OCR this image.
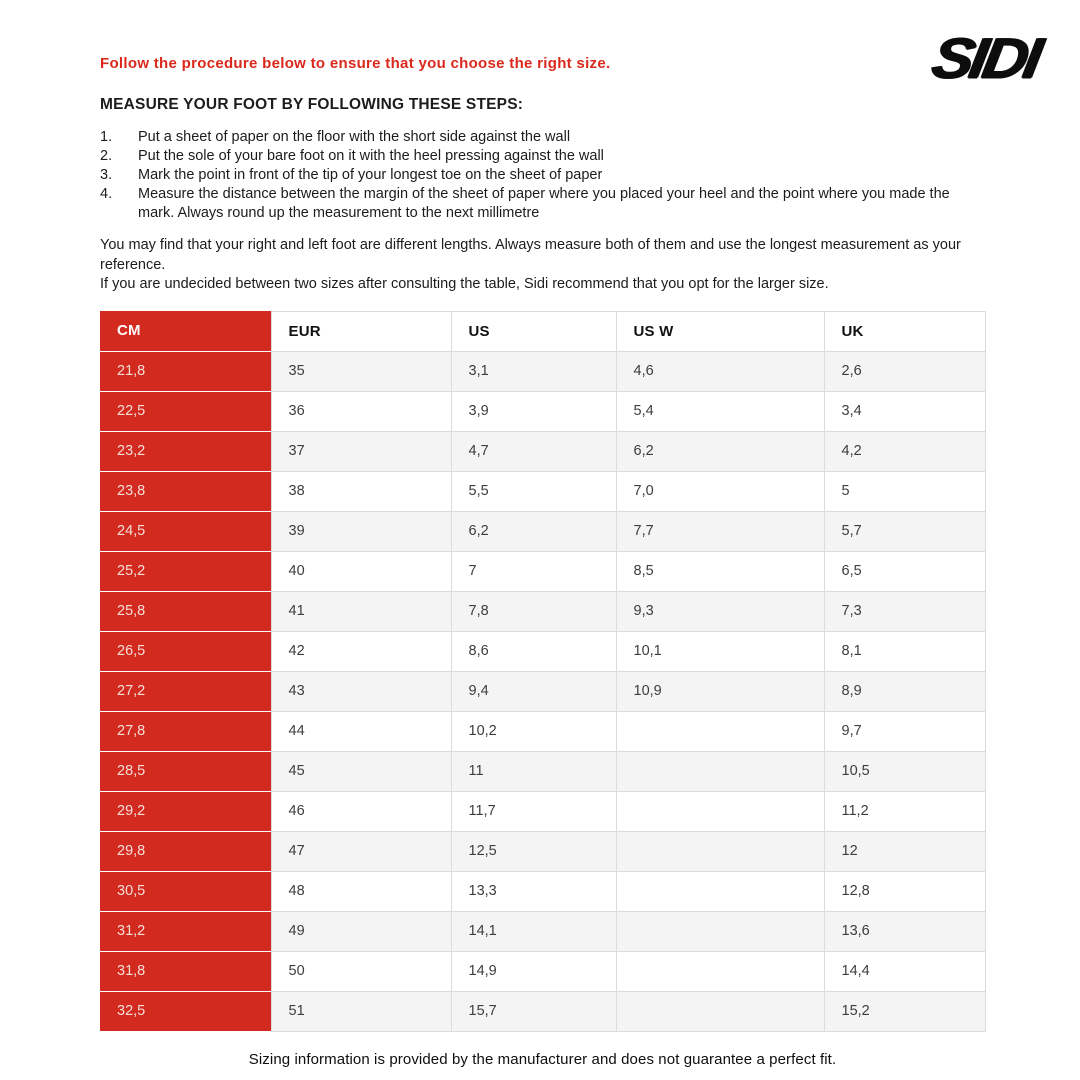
SIDI
Follow the procedure below to ensure that you choose the right size.
MEASURE YOUR FOOT BY FOLLOWING THESE STEPS:
1.	Put a sheet of paper on the floor with the short side against the wall
2.	Put the sole of your bare foot on it with the heel pressing against the wall
3.	Mark the point in front of the tip of your longest toe on the sheet of paper
4.	Measure the distance between the margin of the sheet of paper where you placed your heel and the point where you made the mark. Always round up the measurement to the next millimetre
You may find that your right and left foot are different lengths. Always measure both of them and use the longest measurement as your reference.
If you are undecided between two sizes after consulting the table, Sidi recommend that you opt for the larger size.
CM	EUR	US	US W	UK
21,8	35	3,1	4,6	2,6
22,5	36	3,9	5,4	3,4
23,2	37	4,7	6,2	4,2
23,8	38	5,5	7,0	5
24,5	39	6,2	7,7	5,7
25,2	40	7	8,5	6,5
25,8	41	7,8	9,3	7,3
26,5	42	8,6	10,1	8,1
27,2	43	9,4	10,9	8,9
27,8	44	10,2		9,7
28,5	45	11		10,5
29,2	46	11,7		11,2
29,8	47	12,5		12
30,5	48	13,3		12,8
31,2	49	14,1		13,6
31,8	50	14,9		14,4
32,5	51	15,7		15,2
Sizing information is provided by the manufacturer and does not guarantee a perfect fit.
